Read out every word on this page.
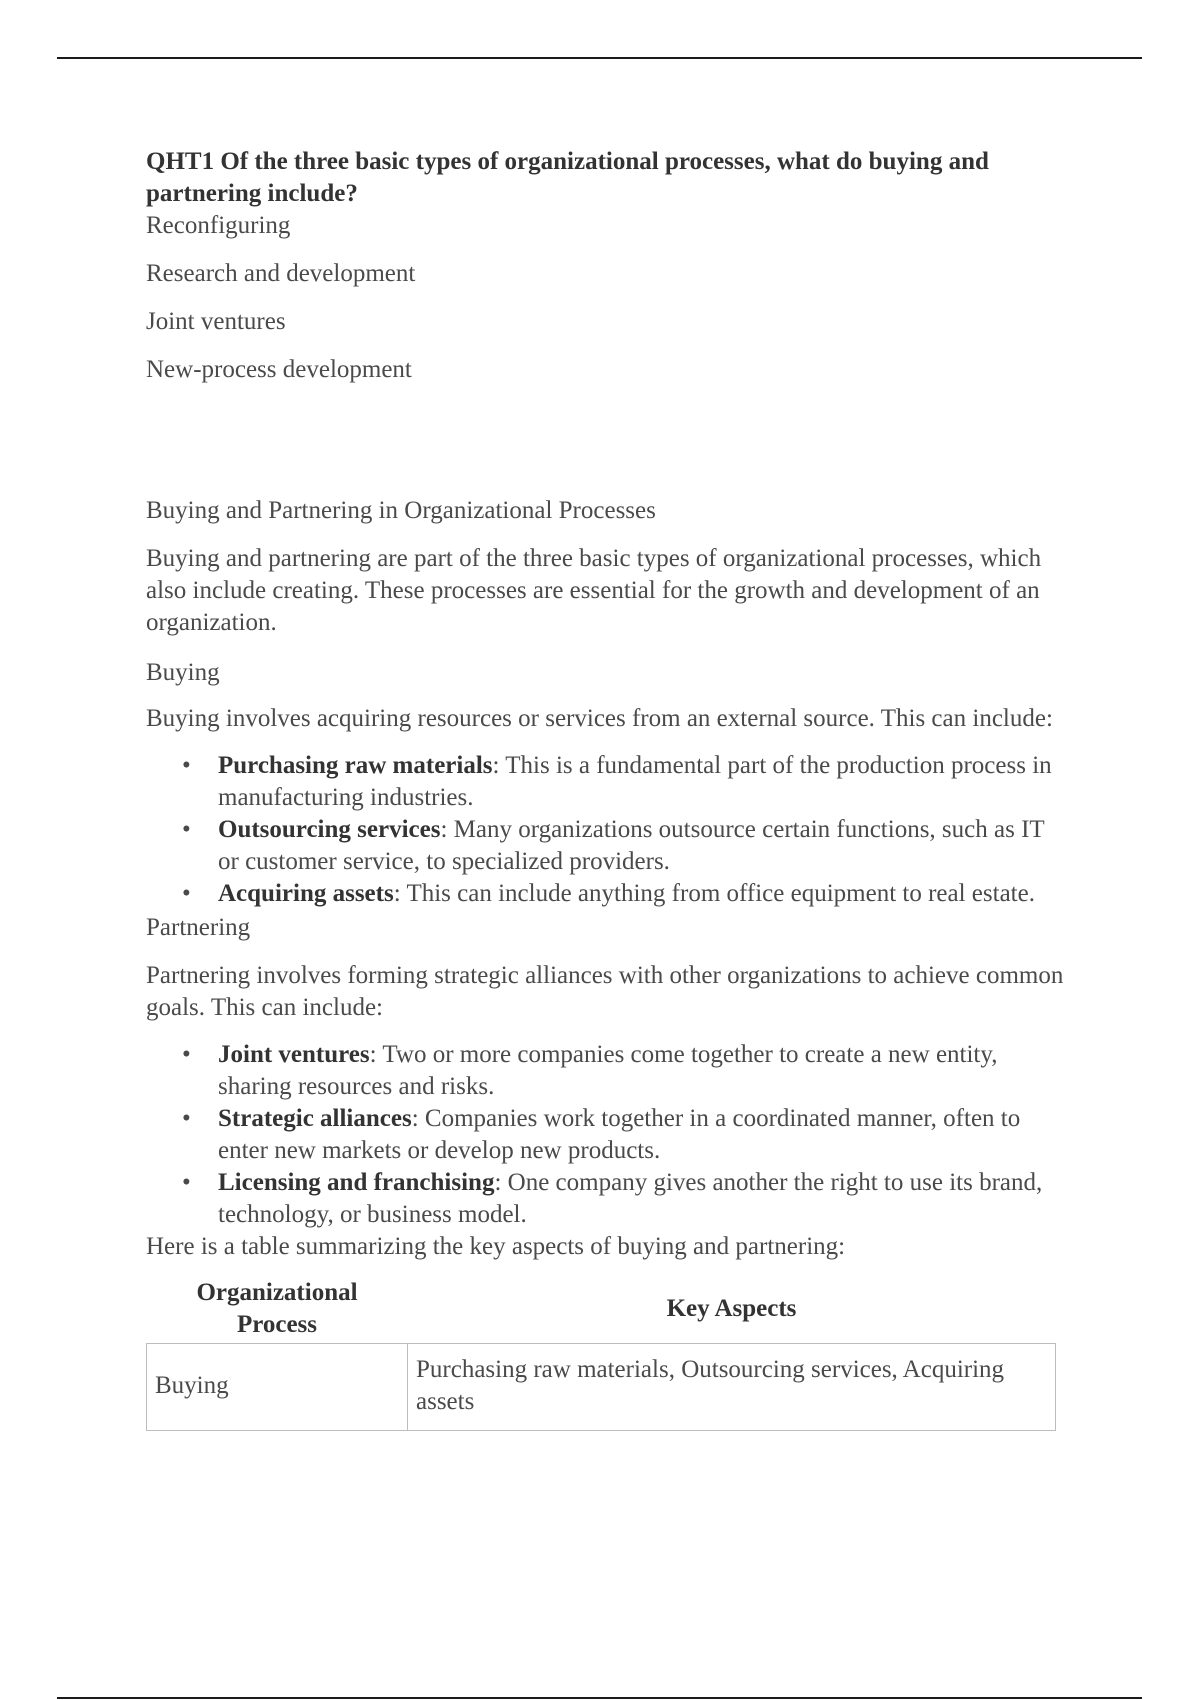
QHT1 Of the three basic types of organizational processes, what do buying and partnering include?

Reconfiguring

Research and development

Joint ventures

New-process development

Buying and Partnering in Organizational Processes

Buying and partnering are part of the three basic types of organizational processes, which also include creating. These processes are essential for the growth and development of an organization.

Buying

Buying involves acquiring resources or services from an external source. This can include:

• Purchasing raw materials: This is a fundamental part of the production process in manufacturing industries.
• Outsourcing services: Many organizations outsource certain functions, such as IT or customer service, to specialized providers.
• Acquiring assets: This can include anything from office equipment to real estate.

Partnering

Partnering involves forming strategic alliances with other organizations to achieve common goals. This can include:

• Joint ventures: Two or more companies come together to create a new entity, sharing resources and risks.
• Strategic alliances: Companies work together in a coordinated manner, often to enter new markets or develop new products.
• Licensing and franchising: One company gives another the right to use its brand, technology, or business model.

Here is a table summarizing the key aspects of buying and partnering:

Organizational Process	Key Aspects
Buying	Purchasing raw materials, Outsourcing services, Acquiring assets
